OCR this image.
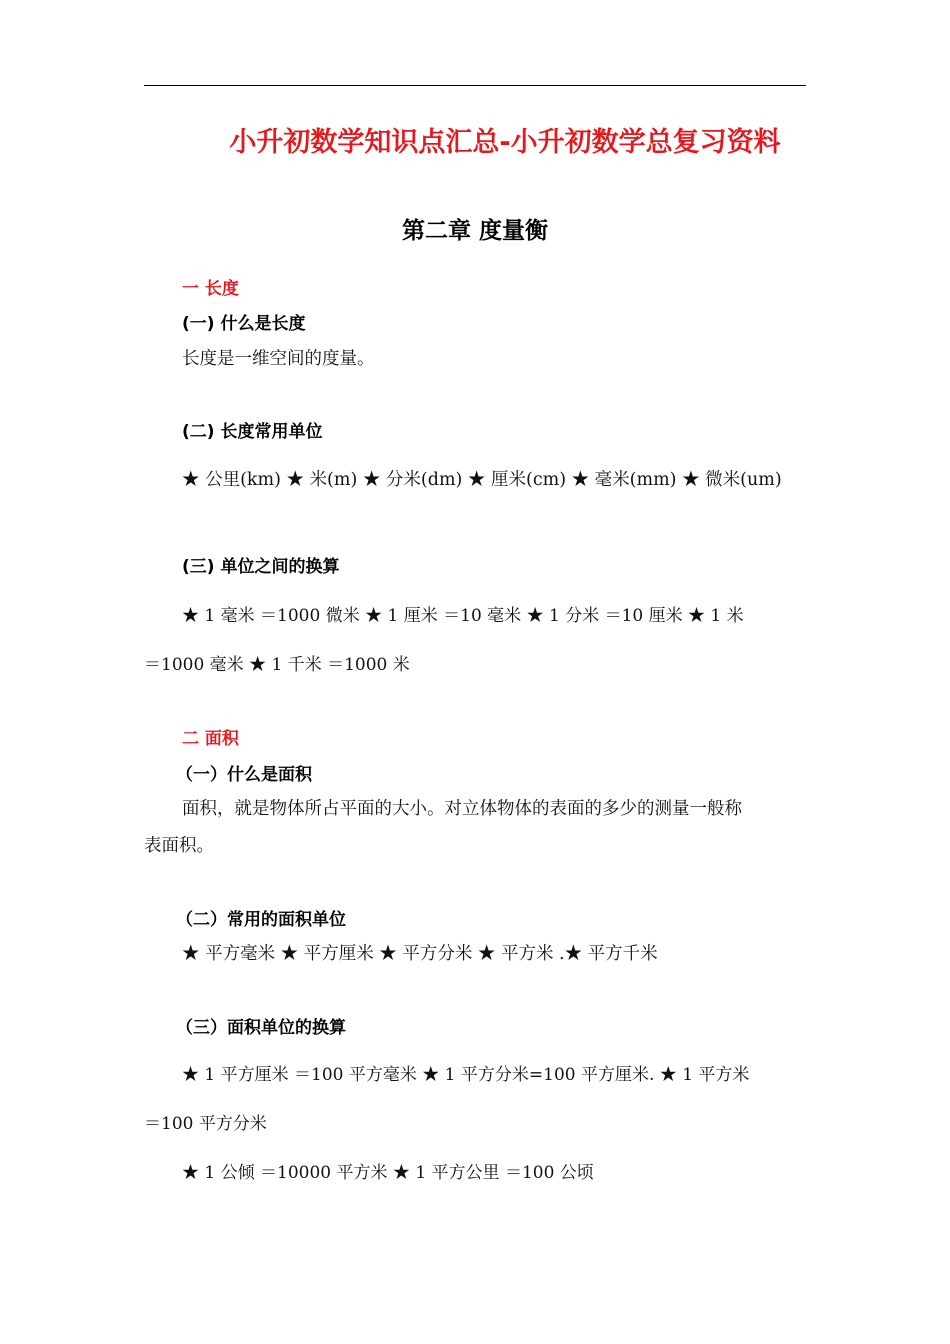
小升初数学知识点汇总-小升初数学总复习资料
第二章 度量衡
一 长度
(一) 什么是长度
长度是一维空间的度量。
(二) 长度常用单位
★ 公里(km) ★ 米(m) ★ 分米(dm) ★ 厘米(cm) ★ 毫米(mm) ★ 微米(um)
(三) 单位之间的换算
★ 1 毫米 ＝1000 微米 ★ 1 厘米 ＝10 毫米 ★ 1 分米 ＝10 厘米 ★ 1 米
＝1000 毫米 ★ 1 千米 ＝1000 米
二 面积
（一）什么是面积
面积，就是物体所占平面的大小。对立体物体的表面的多少的测量一般称
表面积。
（二）常用的面积单位
★ 平方毫米 ★ 平方厘米 ★ 平方分米 ★ 平方米 .★ 平方千米
（三）面积单位的换算
★ 1 平方厘米 ＝100 平方毫米 ★ 1 平方分米=100 平方厘米. ★ 1 平方米
＝100 平方分米
★ 1 公倾 ＝10000 平方米 ★ 1 平方公里 ＝100 公顷
